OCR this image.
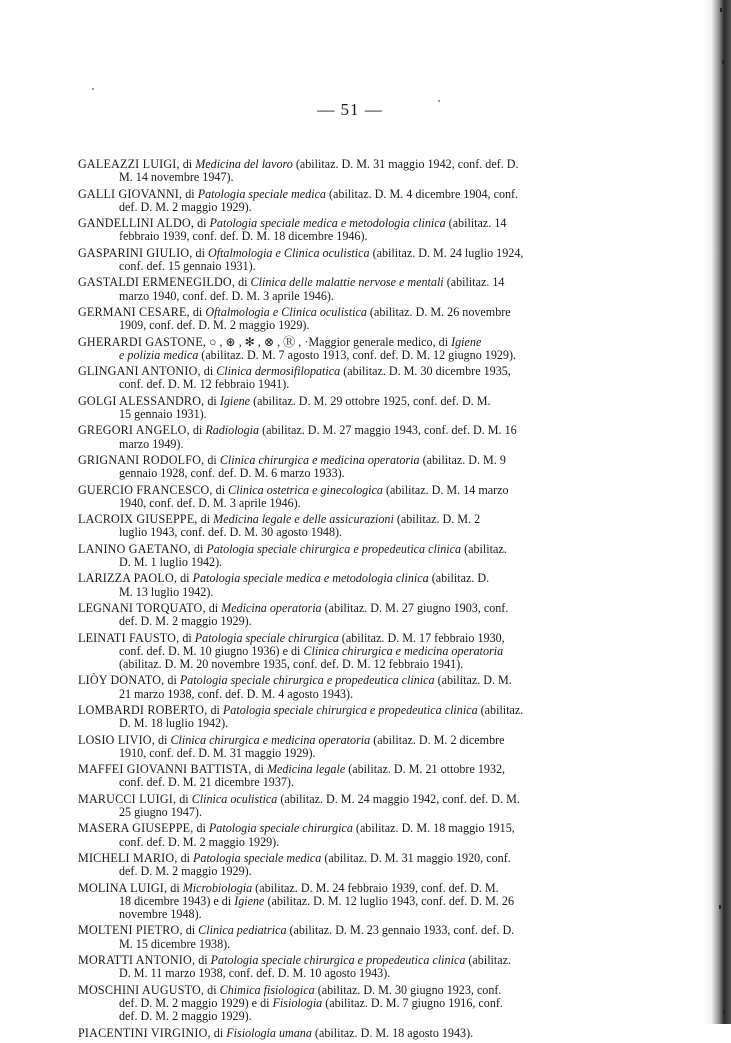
— 51 —
GALEAZZI LUIGI, di Medicina del lavoro (abilitaz. D. M. 31 maggio 1942, conf. def. D.
M. 14 novembre 1947).
GALLI GIOVANNI, di Patologia speciale medica (abilitaz. D. M. 4 dicembre 1904, conf.
def. D. M. 2 maggio 1929).
GANDELLINI ALDO, di Patologia speciale medica e metodologia clinica (abilitaz. 14
febbraio 1939, conf. def. D. M. 18 dicembre 1946).
GASPARINI GIULIO, di Oftalmologia e Clinica oculistica (abilitaz. D. M. 24 luglio 1924,
conf. def. 15 gennaio 1931).
GASTALDI ERMENEGILDO, di Clinica delle malattie nervose e mentali (abilitaz. 14
marzo 1940, conf. def. D. M. 3 aprile 1946).
GERMANI CESARE, di Oftalmologia e Clinica oculistica (abilitaz. D. M. 26 novembre
1909, conf. def. D. M. 2 maggio 1929).
GHERARDI GASTONE, ○ , ⊛ , ✻ , ⊗ , Ⓡ , ·Maggior generale medico, di Igiene
e polizia medica (abilitaz. D. M. 7 agosto 1913, conf. def. D. M. 12 giugno 1929).
GLINGANI ANTONIO, di Clinica dermosifilopatica (abilitaz. D. M. 30 dicembre 1935,
conf. def. D. M. 12 febbraio 1941).
GOLGI ALESSANDRO, di Igiene (abilitaz. D. M. 29 ottobre 1925, conf. def. D. M.
15 gennaio 1931).
GREGORI ANGELO, di Radiologia (abilitaz. D. M. 27 maggio 1943, conf. def. D. M. 16
marzo 1949).
GRIGNANI RODOLFO, di Clinica chirurgica e medicina operatoria (abilitaz. D. M. 9
gennaio 1928, conf. def. D. M. 6 marzo 1933).
GUERCIO FRANCESCO, di Clinica ostetrica e ginecologica (abilitaz. D. M. 14 marzo
1940, conf. def. D. M. 3 aprile 1946).
LACROIX GIUSEPPE, di Medicina legale e delle assicurazioni (abilitaz. D. M. 2
luglio 1943, conf. def. D. M. 30 agosto 1948).
LANINO GAETANO, di Patologia speciale chirurgica e propedeutica clinica (abilitaz.
D. M. 1 luglio 1942).
LARIZZA PAOLO, di Patologia speciale medica e metodologia clinica (abilitaz. D.
M. 13 luglio 1942).
LEGNANI TORQUATO, di Medicina operatoria (abilitaz. D. M. 27 giugno 1903, conf.
def. D. M. 2 maggio 1929).
LEINATI FAUSTO, di Patologia speciale chirurgica (abilitaz. D. M. 17 febbraio 1930,
conf. def. D. M. 10 giugno 1936) e di Clinica chirurgica e medicina operatoria
(abilitaz. D. M. 20 novembre 1935, conf. def. D. M. 12 febbraio 1941).
LIÒY DONATO, di Patologia speciale chirurgica e propedeutica clinica (abilitaz. D. M.
21 marzo 1938, conf. def. D. M. 4 agosto 1943).
LOMBARDI ROBERTO, di Patologia speciale chirurgica e propedeutica clinica (abilitaz.
D. M. 18 luglio 1942).
LOSIO LIVIO, di Clinica chirurgica e medicina operatoria (abilitaz. D. M. 2 dicembre
1910, conf. def. D. M. 31 maggio 1929).
MAFFEI GIOVANNI BATTISTA, di Medicina legale (abilitaz. D. M. 21 ottobre 1932,
conf. def. D. M. 21 dicembre 1937).
MARUCCI LUIGI, di Clinica oculistica (abilitaz. D. M. 24 maggio 1942, conf. def. D. M.
25 giugno 1947).
MASERA GIUSEPPE, di Patologia speciale chirurgica (abilitaz. D. M. 18 maggio 1915,
conf. def. D. M. 2 maggio 1929).
MICHELI MARIO, di Patologia speciale medica (abilitaz. D. M. 31 maggio 1920, conf.
def. D. M. 2 maggio 1929).
MOLINA LUIGI, di Microbiologia (abilitaz. D. M. 24 febbraio 1939, conf. def. D. M.
18 dicembre 1943) e di Igiene (abilitaz. D. M. 12 luglio 1943, conf. def. D. M. 26
novembre 1948).
MOLTENI PIETRO, di Clinica pediatrica (abilitaz. D. M. 23 gennaio 1933, conf. def. D.
M. 15 dicembre 1938).
MORATTI ANTONIO, di Patologia speciale chirurgica e propedeutica clinica (abilitaz.
D. M. 11 marzo 1938, conf. def. D. M. 10 agosto 1943).
MOSCHINI AUGUSTO, di Chimica fisiologica (abilitaz. D. M. 30 giugno 1923, conf.
def. D. M. 2 maggio 1929) e di Fisiologia (abilitaz. D. M. 7 giugno 1916, conf.
def. D. M. 2 maggio 1929).
PIACENTINI VIRGINIO, di Fisiologia umana (abilitaz. D. M. 18 agosto 1943).
